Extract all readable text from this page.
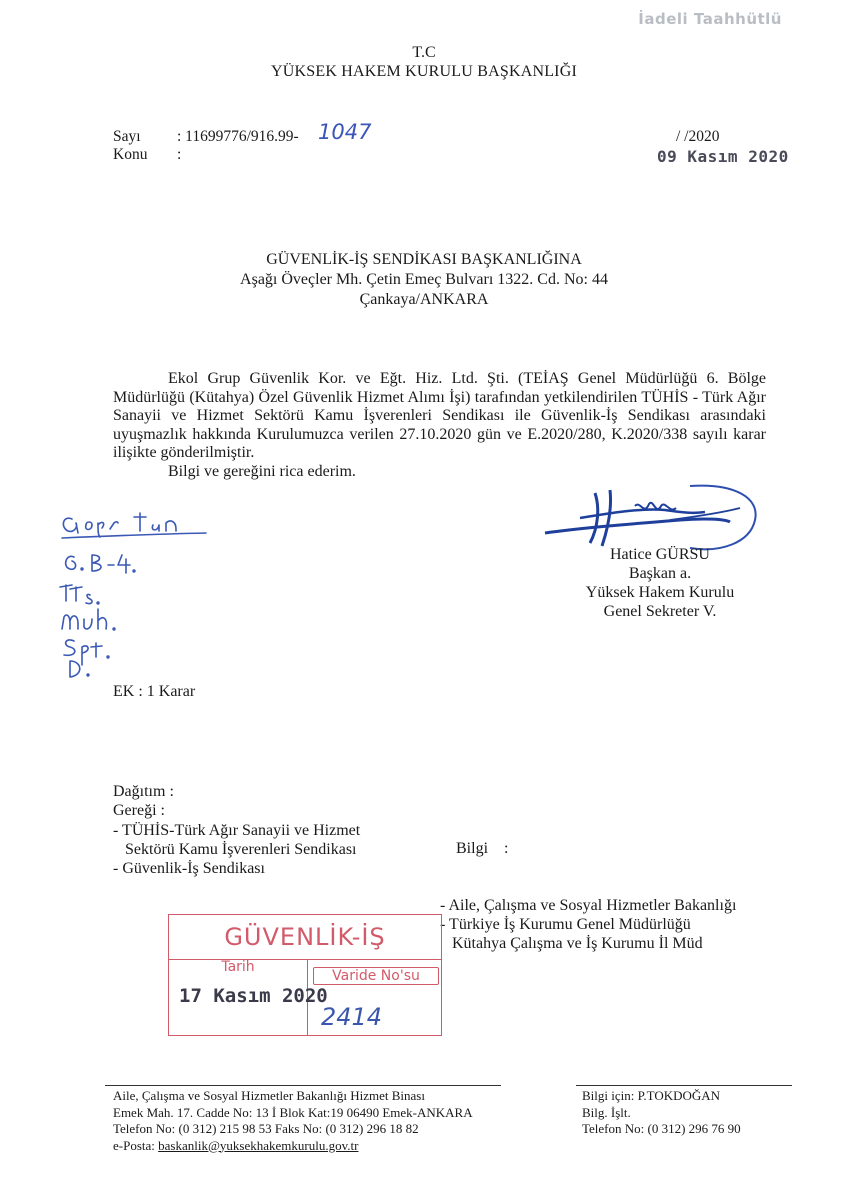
İadeli Taahhütlü
T.C
YÜKSEK HAKEM KURULU BAŞKANLIĞI
Sayı : 11699776/916.99- 1047
Konu :
/ /2020
09 Kasım 2020
GÜVENLİK-İŞ SENDİKASI BAŞKANLIĞINA
Aşağı Öveçler Mh. Çetin Emeç Bulvarı 1322. Cd. No: 44
Çankaya/ANKARA

Ekol Grup Güvenlik Kor. ve Eğt. Hiz. Ltd. Şti. (TEİAŞ Genel Müdürlüğü 6. Bölge Müdürlüğü (Kütahya) Özel Güvenlik Hizmet Alımı İşi) tarafından yetkilendirilen TÜHİS - Türk Ağır Sanayii ve Hizmet Sektörü Kamu İşverenleri Sendikası ile Güvenlik-İş Sendikası arasındaki uyuşmazlık hakkında Kurulumuzca verilen 27.10.2020 gün ve E.2020/280, K.2020/338 sayılı karar ilişikte gönderilmiştir.

Bilgi ve gereğini rica ederim.

Hatice GÜRSU
Başkan a.
Yüksek Hakem Kurulu
Genel Sekreter V.
EK : 1 Karar
Dağıtım :
Gereği :
- TÜHİS-Türk Ağır Sanayii ve Hizmet
Sektörü Kamu İşverenleri Sendikası
- Güvenlik-İş Sendikası

Bilgi    :

- Aile, Çalışma ve Sosyal Hizmetler Bakanlığı
- Türkiye İş Kurumu Genel Müdürlüğü
Kütahya Çalışma ve İş Kurumu İl Müd

GÜVENLİK-İŞ
Tarih
Varide No'su
17 Kasım 2020
2414
Aile, Çalışma ve Sosyal Hizmetler Bakanlığı Hizmet Binası
Emek Mah. 17. Cadde No: 13 İ Blok Kat:19 06490 Emek-ANKARA
Telefon No: (0 312) 215 98 53 Faks No: (0 312) 296 18 82
e-Posta: baskanlik@yuksekhakemkurulu.gov.tr
Bilgi için: P.TOKDOĞAN
Bilg. İşlt.
Telefon No: (0 312) 296 76 90
